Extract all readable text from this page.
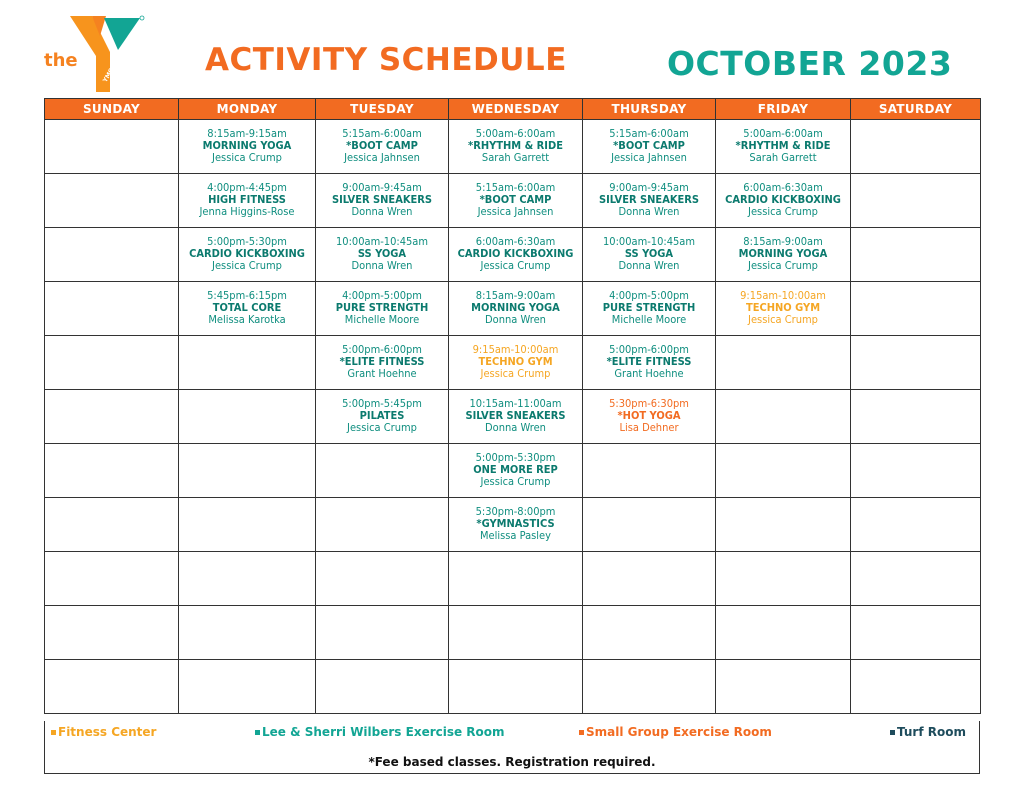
the
YMCA	ACTIVITY SCHEDULE	OCTOBER 2023
SUNDAY	MONDAY	TUESDAY	WEDNESDAY	THURSDAY	FRIDAY	SATURDAY

	8:15am-9:15am
MORNING YOGA
Jessica Crump	5:15am-6:00am
*BOOT CAMP
Jessica Jahnsen	5:00am-6:00am
*RHYTHM & RIDE
Sarah Garrett	5:15am-6:00am
*BOOT CAMP
Jessica Jahnsen	5:00am-6:00am
*RHYTHM & RIDE
Sarah Garrett	

	4:00pm-4:45pm
HIGH FITNESS
Jenna Higgins-Rose	9:00am-9:45am
SILVER SNEAKERS
Donna Wren	5:15am-6:00am
*BOOT CAMP
Jessica Jahnsen	9:00am-9:45am
SILVER SNEAKERS
Donna Wren	6:00am-6:30am
CARDIO KICKBOXING
Jessica Crump	

	5:00pm-5:30pm
CARDIO KICKBOXING
Jessica Crump	10:00am-10:45am
SS YOGA
Donna Wren	6:00am-6:30am
CARDIO KICKBOXING
Jessica Crump	10:00am-10:45am
SS YOGA
Donna Wren	8:15am-9:00am
MORNING YOGA
Jessica Crump	

	5:45pm-6:15pm
TOTAL CORE
Melissa Karotka	4:00pm-5:00pm
PURE STRENGTH
Michelle Moore	8:15am-9:00am
MORNING YOGA
Donna Wren	4:00pm-5:00pm
PURE STRENGTH
Michelle Moore	9:15am-10:00am
TECHNO GYM
Jessica Crump	

		5:00pm-6:00pm
*ELITE FITNESS
Grant Hoehne	9:15am-10:00am
TECHNO GYM
Jessica Crump	5:00pm-6:00pm
*ELITE FITNESS
Grant Hoehne		

		5:00pm-5:45pm
PILATES
Jessica Crump	10:15am-11:00am
SILVER SNEAKERS
Donna Wren	5:30pm-6:30pm
*HOT YOGA
Lisa Dehner		

			5:00pm-5:30pm
ONE MORE REP
Jessica Crump			

			5:30pm-8:00pm
*GYMNASTICS
Melissa Pasley			

Fitness Center	Lee & Sherri Wilbers Exercise Room	Small Group Exercise Room	Turf Room
*Fee based classes. Registration required.
